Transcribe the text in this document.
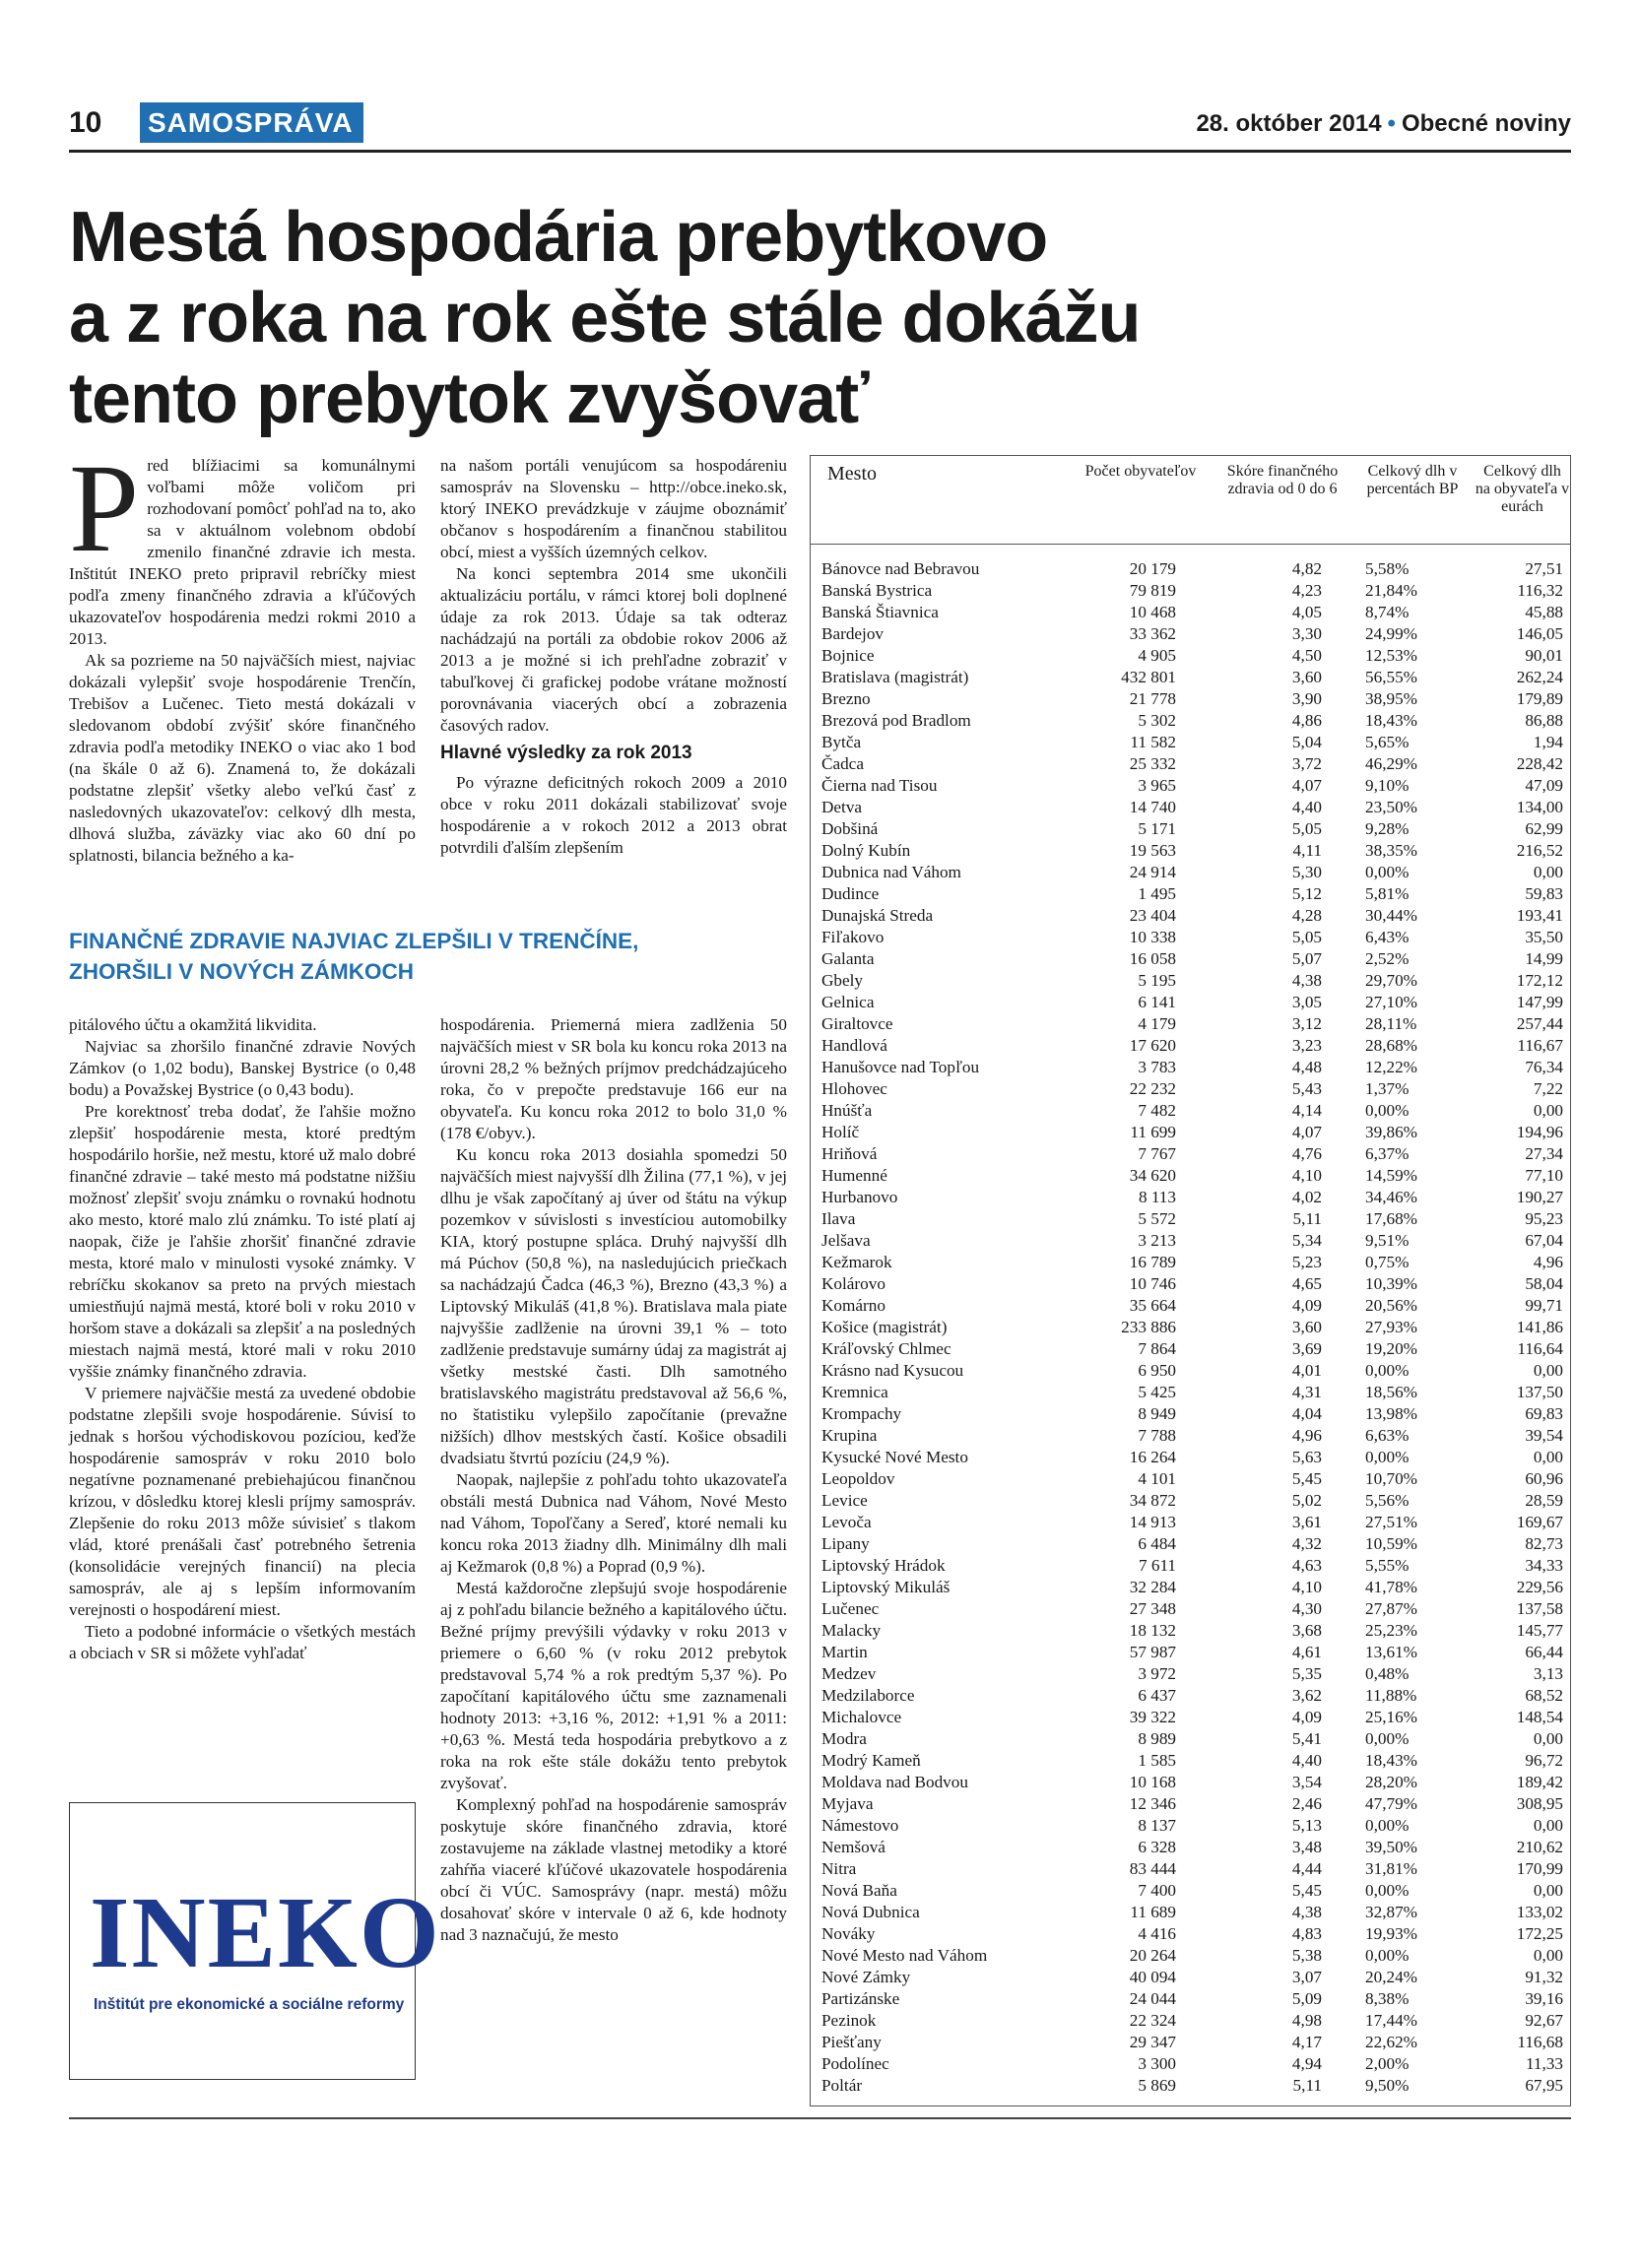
10 SAMOSPRÁVA	28. október 2014 • Obecné noviny
Mestá hospodária prebytkovo
a z roka na rok ešte stále dokážu
tento prebytok zvyšovať
P red blížiacimi sa komunálnymi voľbami môže voličom pri rozhodovaní pomôcť pohľad na to, ako sa v aktuálnom volebnom období zmenilo finančné zdravie ich mesta. Inštitút INEKO preto pripravil rebríčky miest podľa zmeny finančného zdravia a kľúčových ukazovateľov hospodárenia medzi rokmi 2010 a 2013.

Ak sa pozrieme na 50 najväčších miest, najviac dokázali vylepšiť svoje hospodárenie Trenčín, Trebišov a Lučenec. Tieto mestá dokázali v sledovanom období zvýšiť skóre finančného zdravia podľa metodiky INEKO o viac ako 1 bod (na škále 0 až 6). Znamená to, že dokázali podstatne zlepšiť všetky alebo veľkú časť z nasledovných ukazovateľov: celkový dlh mesta, dlhová služba, záväzky viac ako 60 dní po splatnosti, bilancia bežného a ka-

na našom portáli venujúcom sa hospodáreniu samospráv na Slovensku – http://obce.ineko.sk, ktorý INEKO prevádzkuje v záujme oboznámiť občanov s hospodárením a finančnou stabilitou obcí, miest a vyšších územných celkov.

Na konci septembra 2014 sme ukončili aktualizáciu portálu, v rámci ktorej boli doplnené údaje za rok 2013. Údaje sa tak odteraz nachádzajú na portáli za obdobie rokov 2006 až 2013 a je možné si ich prehľadne zobraziť v tabuľkovej či grafickej podobe vrátane možností porovnávania viacerých obcí a zobrazenia časových radov.

Hlavné výsledky za rok 2013

Po výrazne deficitných rokoch 2009 a 2010 obce v roku 2011 dokázali stabilizovať svoje hospodárenie a v rokoch 2012 a 2013 obrat potvrdili ďalším zlepšením

FINANČNÉ ZDRAVIE NAJVIAC ZLEPŠILI V TRENČÍNE,
ZHORŠILI V NOVÝCH ZÁMKOCH

pitálového účtu a okamžitá likvidita.

Najviac sa zhoršilo finančné zdravie Nových Zámkov (o 1,02 bodu), Banskej Bystrice (o 0,48 bodu) a Považskej Bystrice (o 0,43 bodu).

Pre korektnosť treba dodať, že ľahšie možno zlepšiť hospodárenie mesta, ktoré predtým hospodárilo horšie, než mestu, ktoré už malo dobré finančné zdravie – také mesto má podstatne nižšiu možnosť zlepšiť svoju známku o rovnakú hodnotu ako mesto, ktoré malo zlú známku. To isté platí aj naopak, čiže je ľahšie zhoršiť finančné zdravie mesta, ktoré malo v minulosti vysoké známky. V rebríčku skokanov sa preto na prvých miestach umiestňujú najmä mestá, ktoré boli v roku 2010 v horšom stave a dokázali sa zlepšiť a na posledných miestach najmä mestá, ktoré mali v roku 2010 vyššie známky finančného zdravia.

V priemere najväčšie mestá za uvedené obdobie podstatne zlepšili svoje hospodárenie. Súvisí to jednak s horšou východiskovou pozíciou, keďže hospodárenie samospráv v roku 2010 bolo negatívne poznamenané prebiehajúcou finančnou krízou, v dôsledku ktorej klesli príjmy samospráv. Zlepšenie do roku 2013 môže súvisieť s tlakom vlád, ktoré prenášali časť potrebného šetrenia (konsolidácie verejných financií) na plecia samospráv, ale aj s lepším informovaním verejnosti o hospodárení miest.

Tieto a podobné informácie o všetkých mestách a obciach v SR si môžete vyhľadať

hospodárenia. Priemerná miera zadlženia 50 najväčších miest v SR bola ku koncu roka 2013 na úrovni 28,2 % bežných príjmov predchádzajúceho roka, čo v prepočte predstavuje 166 eur na obyvateľa. Ku koncu roka 2012 to bolo 31,0 % (178 €/obyv.).

Ku koncu roka 2013 dosiahla spomedzi 50 najväčších miest najvyšší dlh Žilina (77,1 %), v jej dlhu je však započítaný aj úver od štátu na výkup pozemkov v súvislosti s investíciou automobilky KIA, ktorý postupne spláca. Druhý najvyšší dlh má Púchov (50,8 %), na nasledujúcich priečkach sa nachádzajú Čadca (46,3 %), Brezno (43,3 %) a Liptovský Mikuláš (41,8 %). Bratislava mala piate najvyššie zadlženie na úrovni 39,1 % – toto zadlženie predstavuje sumárny údaj za magistrát aj všetky mestské časti. Dlh samotného bratislavského magistrátu predstavoval až 56,6 %, no štatistiku vylepšilo započítanie (prevažne nižších) dlhov mestských častí. Košice obsadili dvadsiatu štvrtú pozíciu (24,9 %).

Naopak, najlepšie z pohľadu tohto ukazovateľa obstáli mestá Dubnica nad Váhom, Nové Mesto nad Váhom, Topoľčany a Sereď, ktoré nemali ku koncu roka 2013 žiadny dlh. Minimálny dlh mali aj Kežmarok (0,8 %) a Poprad (0,9 %).

Mestá každoročne zlepšujú svoje hospodárenie aj z pohľadu bilancie bežného a kapitálového účtu. Bežné príjmy prevýšili výdavky v roku 2013 v priemere o 6,60 % (v roku 2012 prebytok predstavoval 5,74 % a rok predtým 5,37 %). Po započítaní kapitálového účtu sme zaznamenali hodnoty 2013: +3,16 %, 2012: +1,91 % a 2011: +0,63 %. Mestá teda hospodária prebytkovo a z roka na rok ešte stále dokážu tento prebytok zvyšovať.

Komplexný pohľad na hospodárenie samospráv poskytuje skóre finančného zdravia, ktoré zostavujeme na základe vlastnej metodiky a ktoré zahŕňa viaceré kľúčové ukazovatele hospodárenia obcí či VÚC. Samosprávy (napr. mestá) môžu dosahovať skóre v intervale 0 až 6, kde hodnoty nad 3 naznačujú, že mesto

INEKO
Inštitút pre ekonomické a sociálne reformy
Mesto	Počet obyvateľov	Skóre finančného zdravia od 0 do 6	Celkový dlh v percentách BP	Celkový dlh na obyvateľa v eurách
Bánovce nad Bebravou	20 179	4,82	5,58%	27,51
Banská Bystrica	79 819	4,23	21,84%	116,32
Banská Štiavnica	10 468	4,05	8,74%	45,88
Bardejov	33 362	3,30	24,99%	146,05
Bojnice	4 905	4,50	12,53%	90,01
Bratislava (magistrát)	432 801	3,60	56,55%	262,24
Brezno	21 778	3,90	38,95%	179,89
Brezová pod Bradlom	5 302	4,86	18,43%	86,88
Bytča	11 582	5,04	5,65%	1,94
Čadca	25 332	3,72	46,29%	228,42
Čierna nad Tisou	3 965	4,07	9,10%	47,09
Detva	14 740	4,40	23,50%	134,00
Dobšiná	5 171	5,05	9,28%	62,99
Dolný Kubín	19 563	4,11	38,35%	216,52
Dubnica nad Váhom	24 914	5,30	0,00%	0,00
Dudince	1 495	5,12	5,81%	59,83
Dunajská Streda	23 404	4,28	30,44%	193,41
Fiľakovo	10 338	5,05	6,43%	35,50
Galanta	16 058	5,07	2,52%	14,99
Gbely	5 195	4,38	29,70%	172,12
Gelnica	6 141	3,05	27,10%	147,99
Giraltovce	4 179	3,12	28,11%	257,44
Handlová	17 620	3,23	28,68%	116,67
Hanušovce nad Topľou	3 783	4,48	12,22%	76,34
Hlohovec	22 232	5,43	1,37%	7,22
Hnúšťa	7 482	4,14	0,00%	0,00
Holíč	11 699	4,07	39,86%	194,96
Hriňová	7 767	4,76	6,37%	27,34
Humenné	34 620	4,10	14,59%	77,10
Hurbanovo	8 113	4,02	34,46%	190,27
Ilava	5 572	5,11	17,68%	95,23
Jelšava	3 213	5,34	9,51%	67,04
Kežmarok	16 789	5,23	0,75%	4,96
Kolárovo	10 746	4,65	10,39%	58,04
Komárno	35 664	4,09	20,56%	99,71
Košice (magistrát)	233 886	3,60	27,93%	141,86
Kráľovský Chlmec	7 864	3,69	19,20%	116,64
Krásno nad Kysucou	6 950	4,01	0,00%	0,00
Kremnica	5 425	4,31	18,56%	137,50
Krompachy	8 949	4,04	13,98%	69,83
Krupina	7 788	4,96	6,63%	39,54
Kysucké Nové Mesto	16 264	5,63	0,00%	0,00
Leopoldov	4 101	5,45	10,70%	60,96
Levice	34 872	5,02	5,56%	28,59
Levoča	14 913	3,61	27,51%	169,67
Lipany	6 484	4,32	10,59%	82,73
Liptovský Hrádok	7 611	4,63	5,55%	34,33
Liptovský Mikuláš	32 284	4,10	41,78%	229,56
Lučenec	27 348	4,30	27,87%	137,58
Malacky	18 132	3,68	25,23%	145,77
Martin	57 987	4,61	13,61%	66,44
Medzev	3 972	5,35	0,48%	3,13
Medzilaborce	6 437	3,62	11,88%	68,52
Michalovce	39 322	4,09	25,16%	148,54
Modra	8 989	5,41	0,00%	0,00
Modrý Kameň	1 585	4,40	18,43%	96,72
Moldava nad Bodvou	10 168	3,54	28,20%	189,42
Myjava	12 346	2,46	47,79%	308,95
Námestovo	8 137	5,13	0,00%	0,00
Nemšová	6 328	3,48	39,50%	210,62
Nitra	83 444	4,44	31,81%	170,99
Nová Baňa	7 400	5,45	0,00%	0,00
Nová Dubnica	11 689	4,38	32,87%	133,02
Nováky	4 416	4,83	19,93%	172,25
Nové Mesto nad Váhom	20 264	5,38	0,00%	0,00
Nové Zámky	40 094	3,07	20,24%	91,32
Partizánske	24 044	5,09	8,38%	39,16
Pezinok	22 324	4,98	17,44%	92,67
Piešťany	29 347	4,17	22,62%	116,68
Podolínec	3 300	4,94	2,00%	11,33
Poltár	5 869	5,11	9,50%	67,95
